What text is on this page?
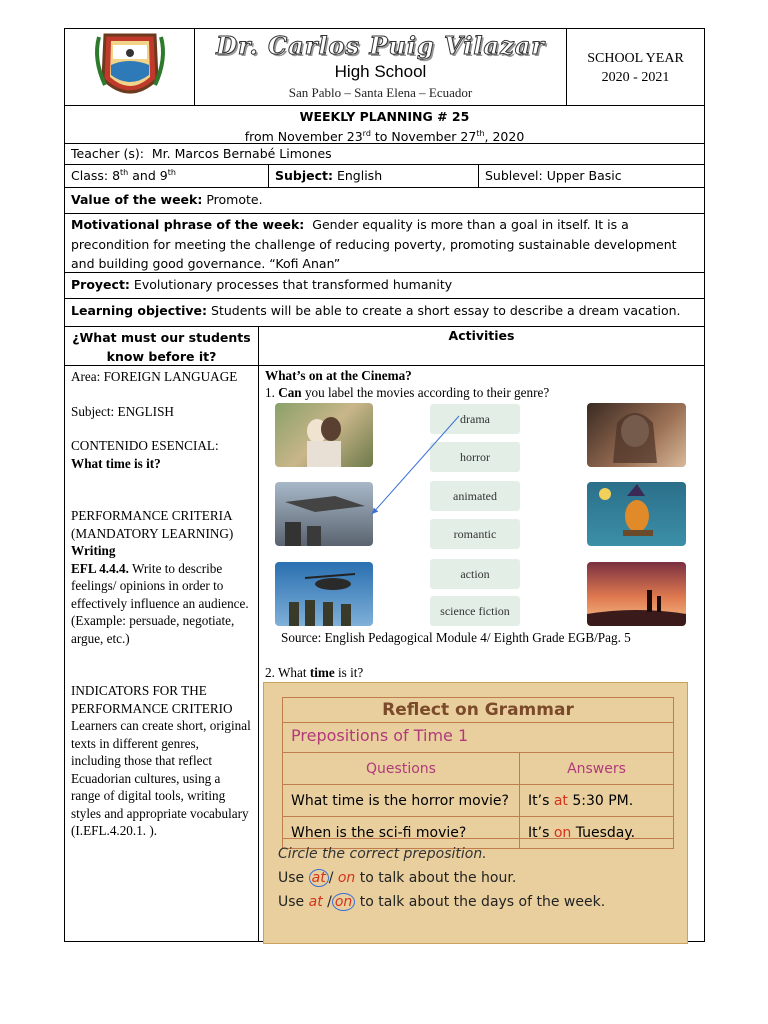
Dr. Carlos Puig Vilazar
High School
San Pablo – Santa Elena – Ecuador
SCHOOL YEAR
2020 - 2021
WEEKLY PLANNING # 25
from November 23rd to November 27th, 2020
Teacher (s): Mr. Marcos Bernabé Limones
Class: 8th and 9th	Subject: English	Sublevel: Upper Basic
Value of the week: Promote.
Motivational phrase of the week: Gender equality is more than a goal in itself. It is a precondition for meeting the challenge of reducing poverty, promoting sustainable development and building good governance. “Kofi Anan”
Proyect: Evolutionary processes that transformed humanity
Learning objective: Students will be able to create a short essay to describe a dream vacation.
¿What must our students know before it?
Activities
Area: FOREIGN LANGUAGE
Subject: ENGLISH
CONTENIDO ESENCIAL:
What time is it?
PERFORMANCE CRITERIA (MANDATORY LEARNING)
Writing
EFL 4.4.4. Write to describe feelings/ opinions in order to effectively influence an audience. (Example: persuade, negotiate, argue, etc.)
INDICATORS FOR THE PERFORMANCE CRITERIO
Learners can create short, original texts in different genres, including those that reflect Ecuadorian cultures, using a range of digital tools, writing styles and appropriate vocabulary (I.EFL.4.20.1. ).
What’s on at the Cinema?
1. Can you label the movies according to their genre?
drama
horror
animated
romantic
action
science fiction
Source: English Pedagogical Module 4/ Eighth Grade EGB/Pag. 5
2. What time is it?
Reflect on Grammar
Prepositions of Time 1
Questions	Answers
What time is the horror movie?	It’s at 5:30 PM.
When is the sci-fi movie?	It’s on Tuesday.
Circle the correct preposition.
Use at / on to talk about the hour.
Use at / on to talk about the days of the week.
